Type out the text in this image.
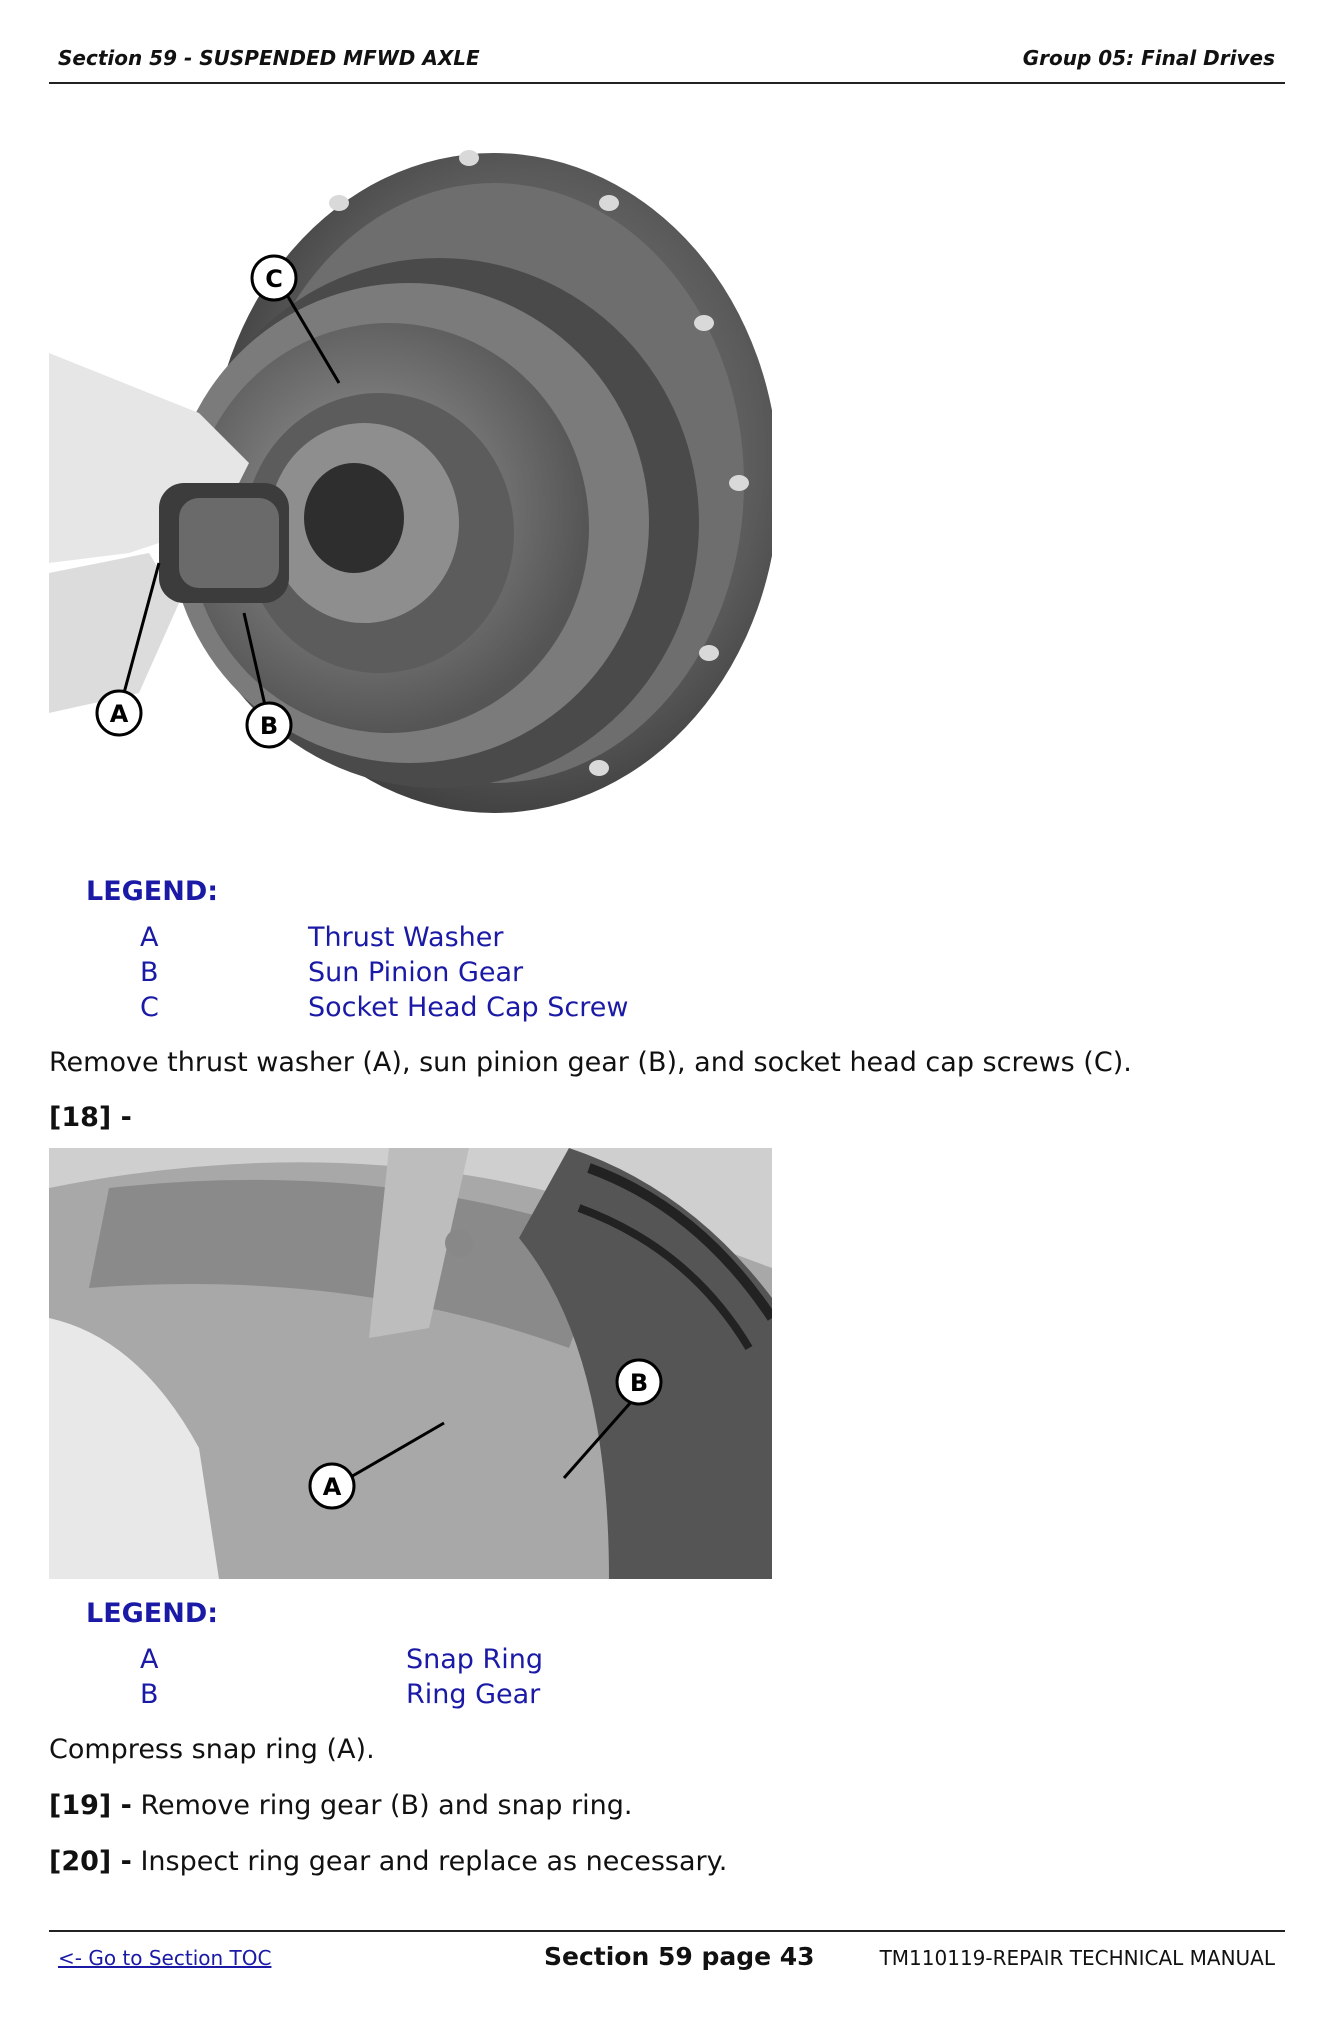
Section 59 - SUSPENDED MFWD AXLE	Group 05: Final Drives
C
A	B
LEGEND:
A	Thrust Washer
B	Sun Pinion Gear
C	Socket Head Cap Screw
Remove thrust washer (A), sun pinion gear (B), and socket head cap screws (C).
[18] -
B
A
LEGEND:
A	Snap Ring
B	Ring Gear
Compress snap ring (A).
[19] - Remove ring gear (B) and snap ring.
[20] - Inspect ring gear and replace as necessary.
<- Go to Section TOC	Section 59 page 43	TM110119-REPAIR TECHNICAL MANUAL
